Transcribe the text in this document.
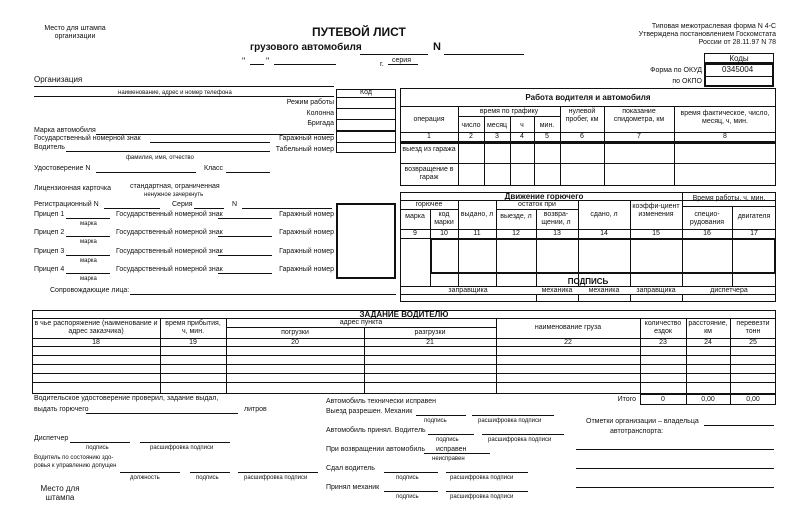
Место для штампа
организации	ПУТЕВОЙ ЛИСТ
грузового автомобиля	N
" "	г.
серия
Типовая межотраслевая форма N 4-С
Утверждена постановлением Госкомстата
России от 28.11.97 N 78
Коды
Форма по ОКУД	0345004
по ОКПО
Организация
наименование, адрес и номер телефона	Код
Режим работы
Колонна
Бригада
Марка автомобиля
Государственный номерной знак	Гаражный номер
Водитель	Табельный номер
фамилия, имя, отчество
Удостоверение N	Класс
Лицензионная карточка	стандартная, ограниченная
ненужное зачеркнуть
Регистрационный N	Серия	N
Прицеп 1	Государственный номерной знак	Гаражный номер
марка
Прицеп 2	Государственный номерной знак	Гаражный номер
марка
Прицеп 3	Государственный номерной знак	Гаражный номер
марка
Прицеп 4	Государственный номерной знак	Гаражный номер
марка
Сопровождающие лица:
Работа водителя и автомобиля
операция
время по графику
число месяц	ч	мин.
нулевой пробег, км
показание спидометра, км
время фактическое, число, месяц, ч, мин.
1	2	3	4	5	6	7	8
выезд из гаража
возвращение в гараж
Движение горючего
горючее
марка	код марки
выдано, л
остаток при
выезде, л	возвра-щении, л
сдано, л
коэффи-циент изменения
Время работы, ч, мин.
специо-рудования
двигателя
9	10	11	12	13	14	15	16	17
ПОДПИСЬ
заправщика	механика	механика	заправщика	диспетчера
ЗАДАНИЕ ВОДИТЕЛЮ
в чье распоряжение (наименование и адрес заказчика)
время прибытия, ч, мин.
адрес пункта
погрузки	разгрузки
наименование груза
количество ездок
расстояние, км
перевезти тонн
18	19	20	21	22	23	24	25
Итого	0	0,00	0,00
Водительское удостоверение проверил, задание выдал,
выдать горючего	литров
Диспетчер
подпись	расшифровка подписи
Водитель по состоянию здо-
ровья к управлению допущен
должность	подпись	расшифровка подписи
Место для
штампа
Автомобиль технически исправен
Выезд разрешен. Механик
подпись	расшифровка подписи
Автомобиль принял. Водитель
подпись	расшифровка подписи
При возвращении автомобиль исправен
неисправен
Сдал водитель
подпись	расшифровка подписи
Принял механик
подпись	расшифровка подписи
Отметки организации – владельца
автотранспорта:
